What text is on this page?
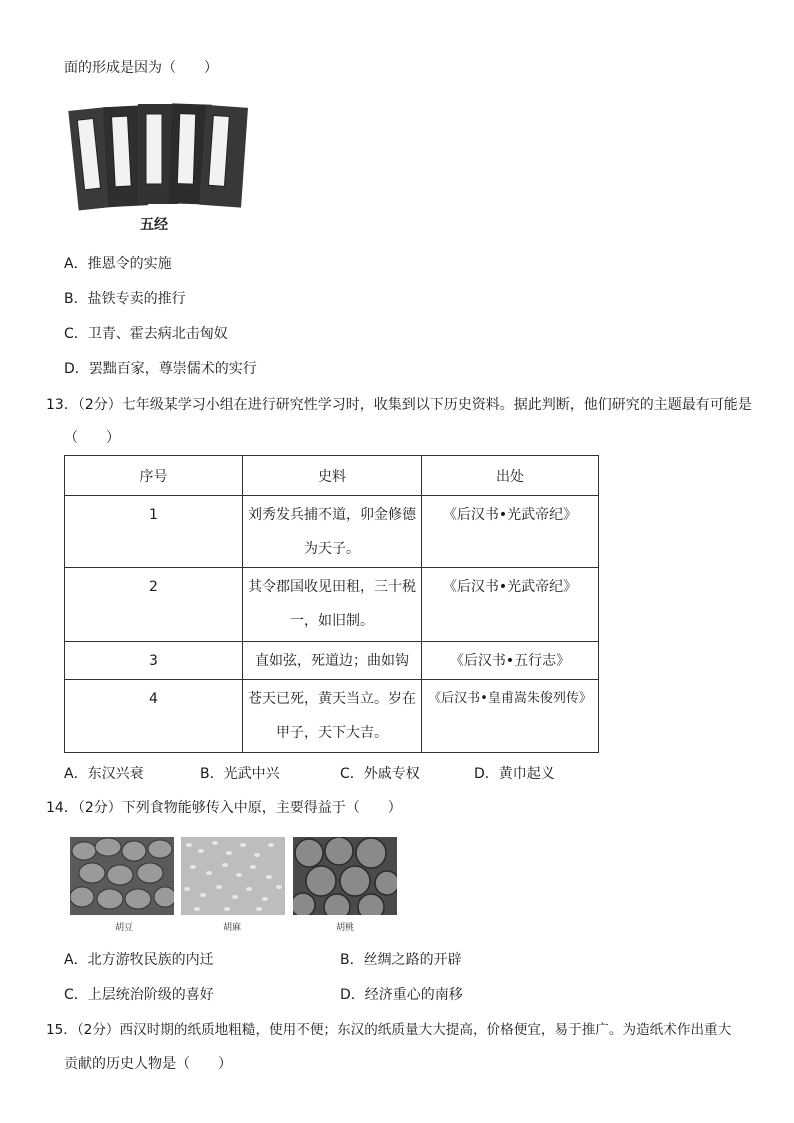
面的形成是因为（　　）
五经
A．推恩令的实施
B．盐铁专卖的推行
C．卫青、霍去病北击匈奴
D．罢黜百家，尊崇儒术的实行
13．（2分）七年级某学习小组在进行研究性学习时，收集到以下历史资料。据此判断，他们研究的主题最有可能是
（　　）
序号	史料	出处

1	刘秀发兵捕不道，卯金修德
为天子。	《后汉书•光武帝纪》

2	其令郡国收见田租，三十税
一，如旧制。	《后汉书•光武帝纪》

3	直如弦，死道边；曲如钩	《后汉书•五行志》

4	苍天已死，黄天当立。岁在
甲子，天下大吉。	《后汉书•皇甫嵩朱俊列传》
A．东汉兴衰	B．光武中兴	C．外戚专权	D．黄巾起义
14．（2分）下列食物能够传入中原，主要得益于（　　）
胡豆	胡麻	胡桃
A．北方游牧民族的内迁	B．丝绸之路的开辟
C．上层统治阶级的喜好	D．经济重心的南移
15．（2分）西汉时期的纸质地粗糙，使用不便；东汉的纸质量大大提高，价格便宜，易于推广。为造纸术作出重大
贡献的历史人物是（　　）
